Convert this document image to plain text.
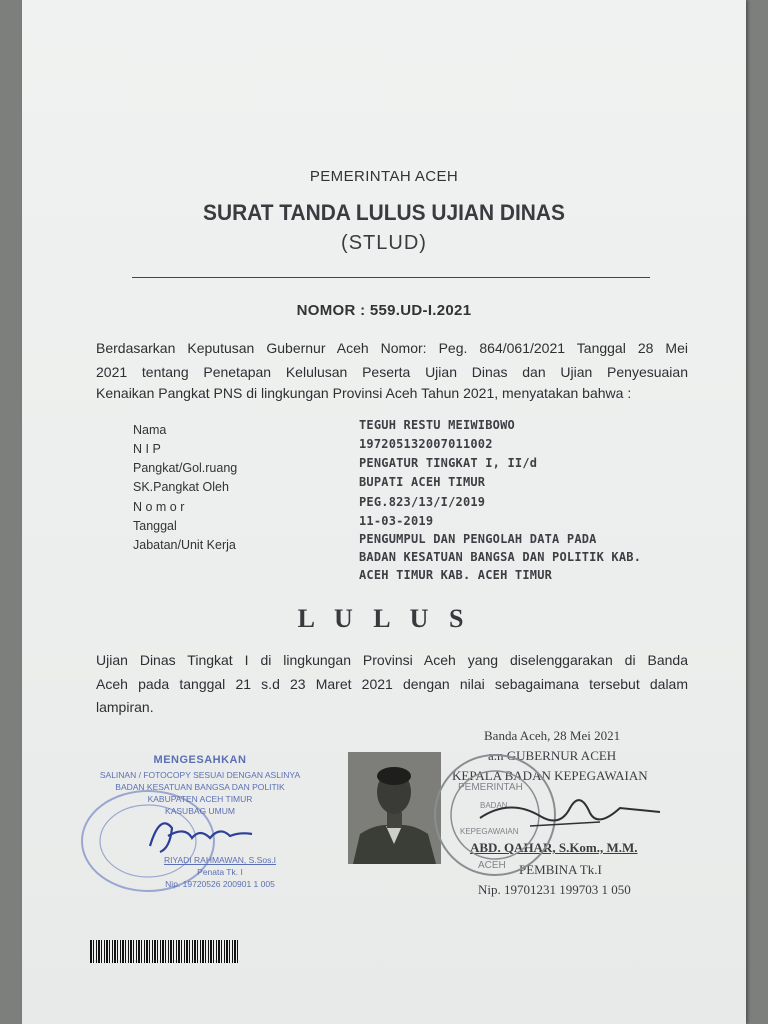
PEMERINTAH ACEH
SURAT TANDA LULUS UJIAN DINAS
(STLUD)
NOMOR : 559.UD-I.2021
Berdasarkan Keputusan Gubernur Aceh Nomor: Peg. 864/061/2021 Tanggal 28 Mei
2021 tentang Penetapan Kelulusan Peserta Ujian Dinas dan Ujian Penyesuaian
Kenaikan Pangkat PNS di lingkungan Provinsi Aceh Tahun 2021, menyatakan bahwa :
Nama	TEGUH RESTU MEIWIBOWO
N I P	197205132007011002
Pangkat/Gol.ruang	PENGATUR TINGKAT I, II/d
SK.Pangkat Oleh	BUPATI ACEH TIMUR
N o m o r	PEG.823/13/I/2019
Tanggal	11-03-2019
Jabatan/Unit Kerja	PENGUMPUL DAN PENGOLAH DATA PADA
BADAN KESATUAN BANGSA DAN POLITIK KAB.
ACEH TIMUR KAB. ACEH TIMUR
L U L U S
Ujian Dinas Tingkat I di lingkungan Provinsi Aceh yang diselenggarakan di Banda
Aceh pada tanggal 21 s.d 23 Maret 2021 dengan nilai sebagaimana tersebut dalam
lampiran.
Banda Aceh, 28 Mei 2021
a.n GUBERNUR ACEH
KEPALA BADAN KEPEGAWAIAN
ABD. QAHAR, S.Kom., M.M.
PEMBINA Tk.I
Nip. 19701231 199703 1 050
PEMERINTAH
BADAN
KEPEGAWAIAN
ACEH
MENGESAHKAN
SALINAN / FOTOCOPY SESUAI DENGAN ASLINYA
BADAN KESATUAN BANGSA DAN POLITIK
KABUPATEN ACEH TIMUR
KASUBAG UMUM
RIYADI RAHMAWAN, S.Sos.I
Penata Tk. I
Nip. 19720526 200901 1 005
